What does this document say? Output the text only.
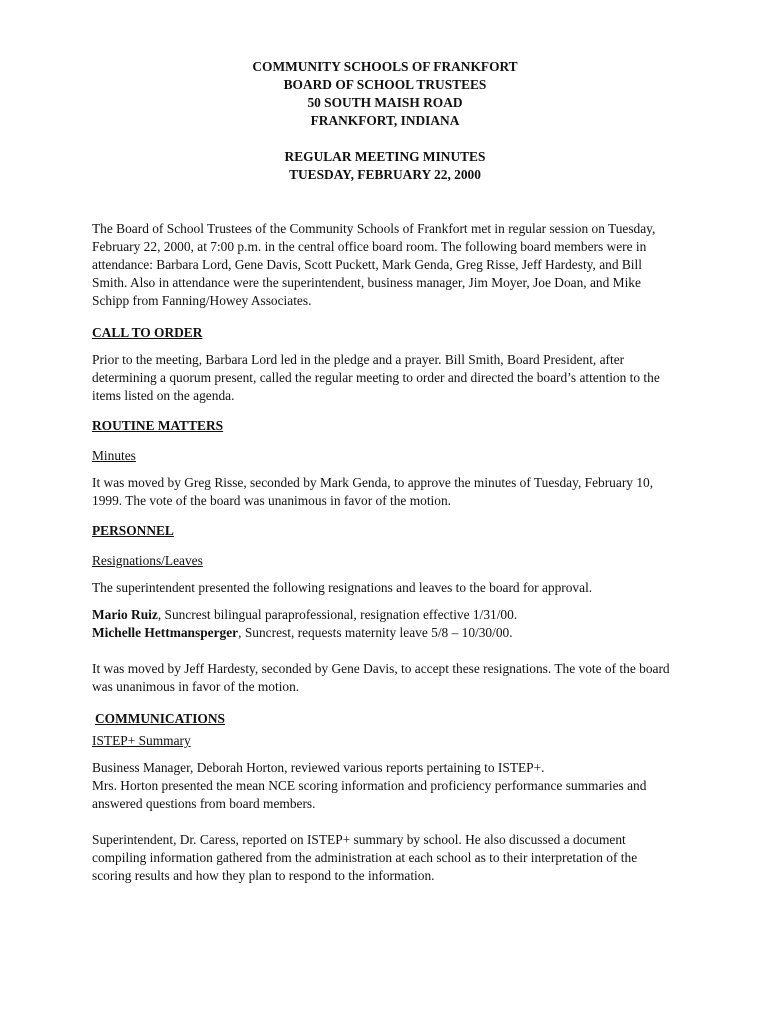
COMMUNITY SCHOOLS OF FRANKFORT
BOARD OF SCHOOL TRUSTEES
50 SOUTH MAISH ROAD
FRANKFORT, INDIANA
REGULAR MEETING MINUTES
TUESDAY, FEBRUARY 22, 2000

The Board of School Trustees of the Community Schools of Frankfort met in regular session on Tuesday, February 22, 2000, at 7:00 p.m. in the central office board room. The following board members were in attendance: Barbara Lord, Gene Davis, Scott Puckett, Mark Genda, Greg Risse, Jeff Hardesty, and Bill Smith. Also in attendance were the superintendent, business manager, Jim Moyer, Joe Doan, and Mike Schipp from Fanning/Howey Associates.

CALL TO ORDER

Prior to the meeting, Barbara Lord led in the pledge and a prayer. Bill Smith, Board President, after determining a quorum present, called the regular meeting to order and directed the board’s attention to the items listed on the agenda.

ROUTINE MATTERS
Minutes

It was moved by Greg Risse, seconded by Mark Genda, to approve the minutes of Tuesday, February 10, 1999. The vote of the board was unanimous in favor of the motion.

PERSONNEL
Resignations/Leaves

The superintendent presented the following resignations and leaves to the board for approval.

Mario Ruiz, Suncrest bilingual paraprofessional, resignation effective 1/31/00.
Michelle Hettmansperger, Suncrest, requests maternity leave 5/8 – 10/30/00.

It was moved by Jeff Hardesty, seconded by Gene Davis, to accept these resignations. The vote of the board was unanimous in favor of the motion.

COMMUNICATIONS
ISTEP+ Summary
Business Manager, Deborah Horton, reviewed various reports pertaining to ISTEP+.
Mrs. Horton presented the mean NCE scoring information and proficiency performance summaries and answered questions from board members.

Superintendent, Dr. Caress, reported on ISTEP+ summary by school. He also discussed a document compiling information gathered from the administration at each school as to their interpretation of the scoring results and how they plan to respond to the information.
